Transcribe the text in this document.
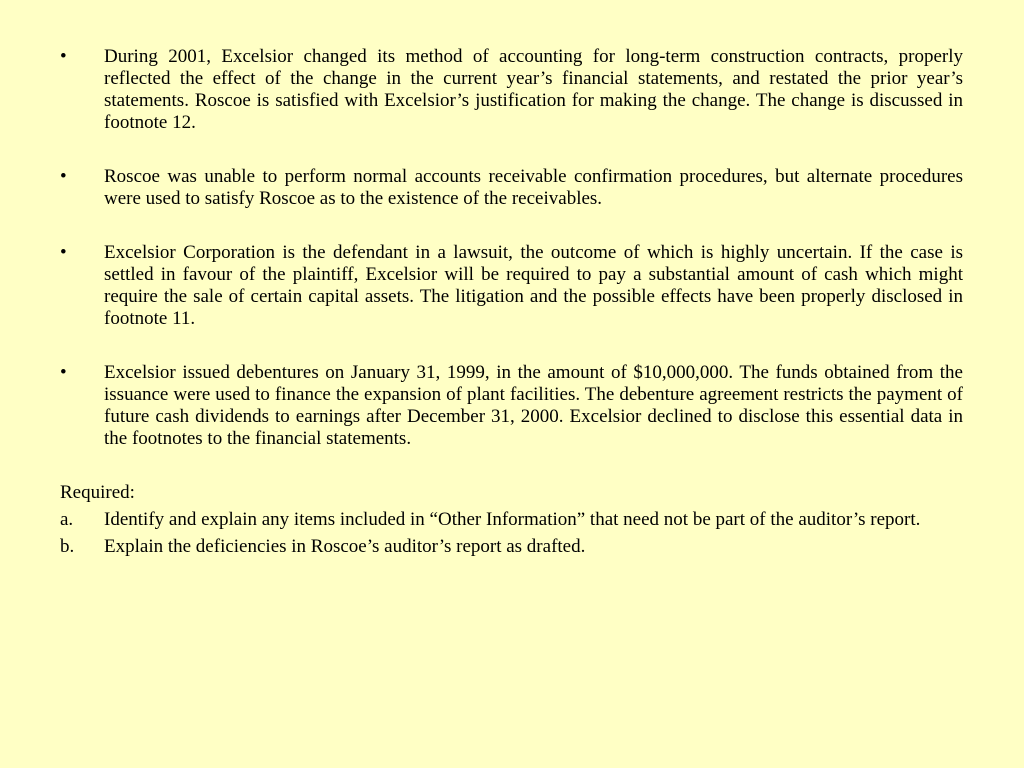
•	During 2001, Excelsior changed its method of accounting for long-term construction contracts, properly reflected the effect of the change in the current year’s financial statements, and restated the prior year’s statements. Roscoe is satisfied with Excelsior’s justification for making the change. The change is discussed in footnote 12.
•	Roscoe was unable to perform normal accounts receivable confirmation procedures, but alternate procedures were used to satisfy Roscoe as to the existence of the receivables.
•	Excelsior Corporation is the defendant in a lawsuit, the outcome of which is highly uncertain. If the case is settled in favour of the plaintiff, Excelsior will be required to pay a substantial amount of cash which might require the sale of certain capital assets. The litigation and the possible effects have been properly disclosed in footnote 11.
•	Excelsior issued debentures on January 31, 1999, in the amount of $10,000,000. The funds obtained from the issuance were used to finance the expansion of plant facilities. The debenture agreement restricts the payment of future cash dividends to earnings after December 31, 2000. Excelsior declined to disclose this essential data in the footnotes to the financial statements.
Required:
a.	Identify and explain any items included in “Other Information” that need not be part of the auditor’s report.
b.	Explain the deficiencies in Roscoe’s auditor’s report as drafted.
